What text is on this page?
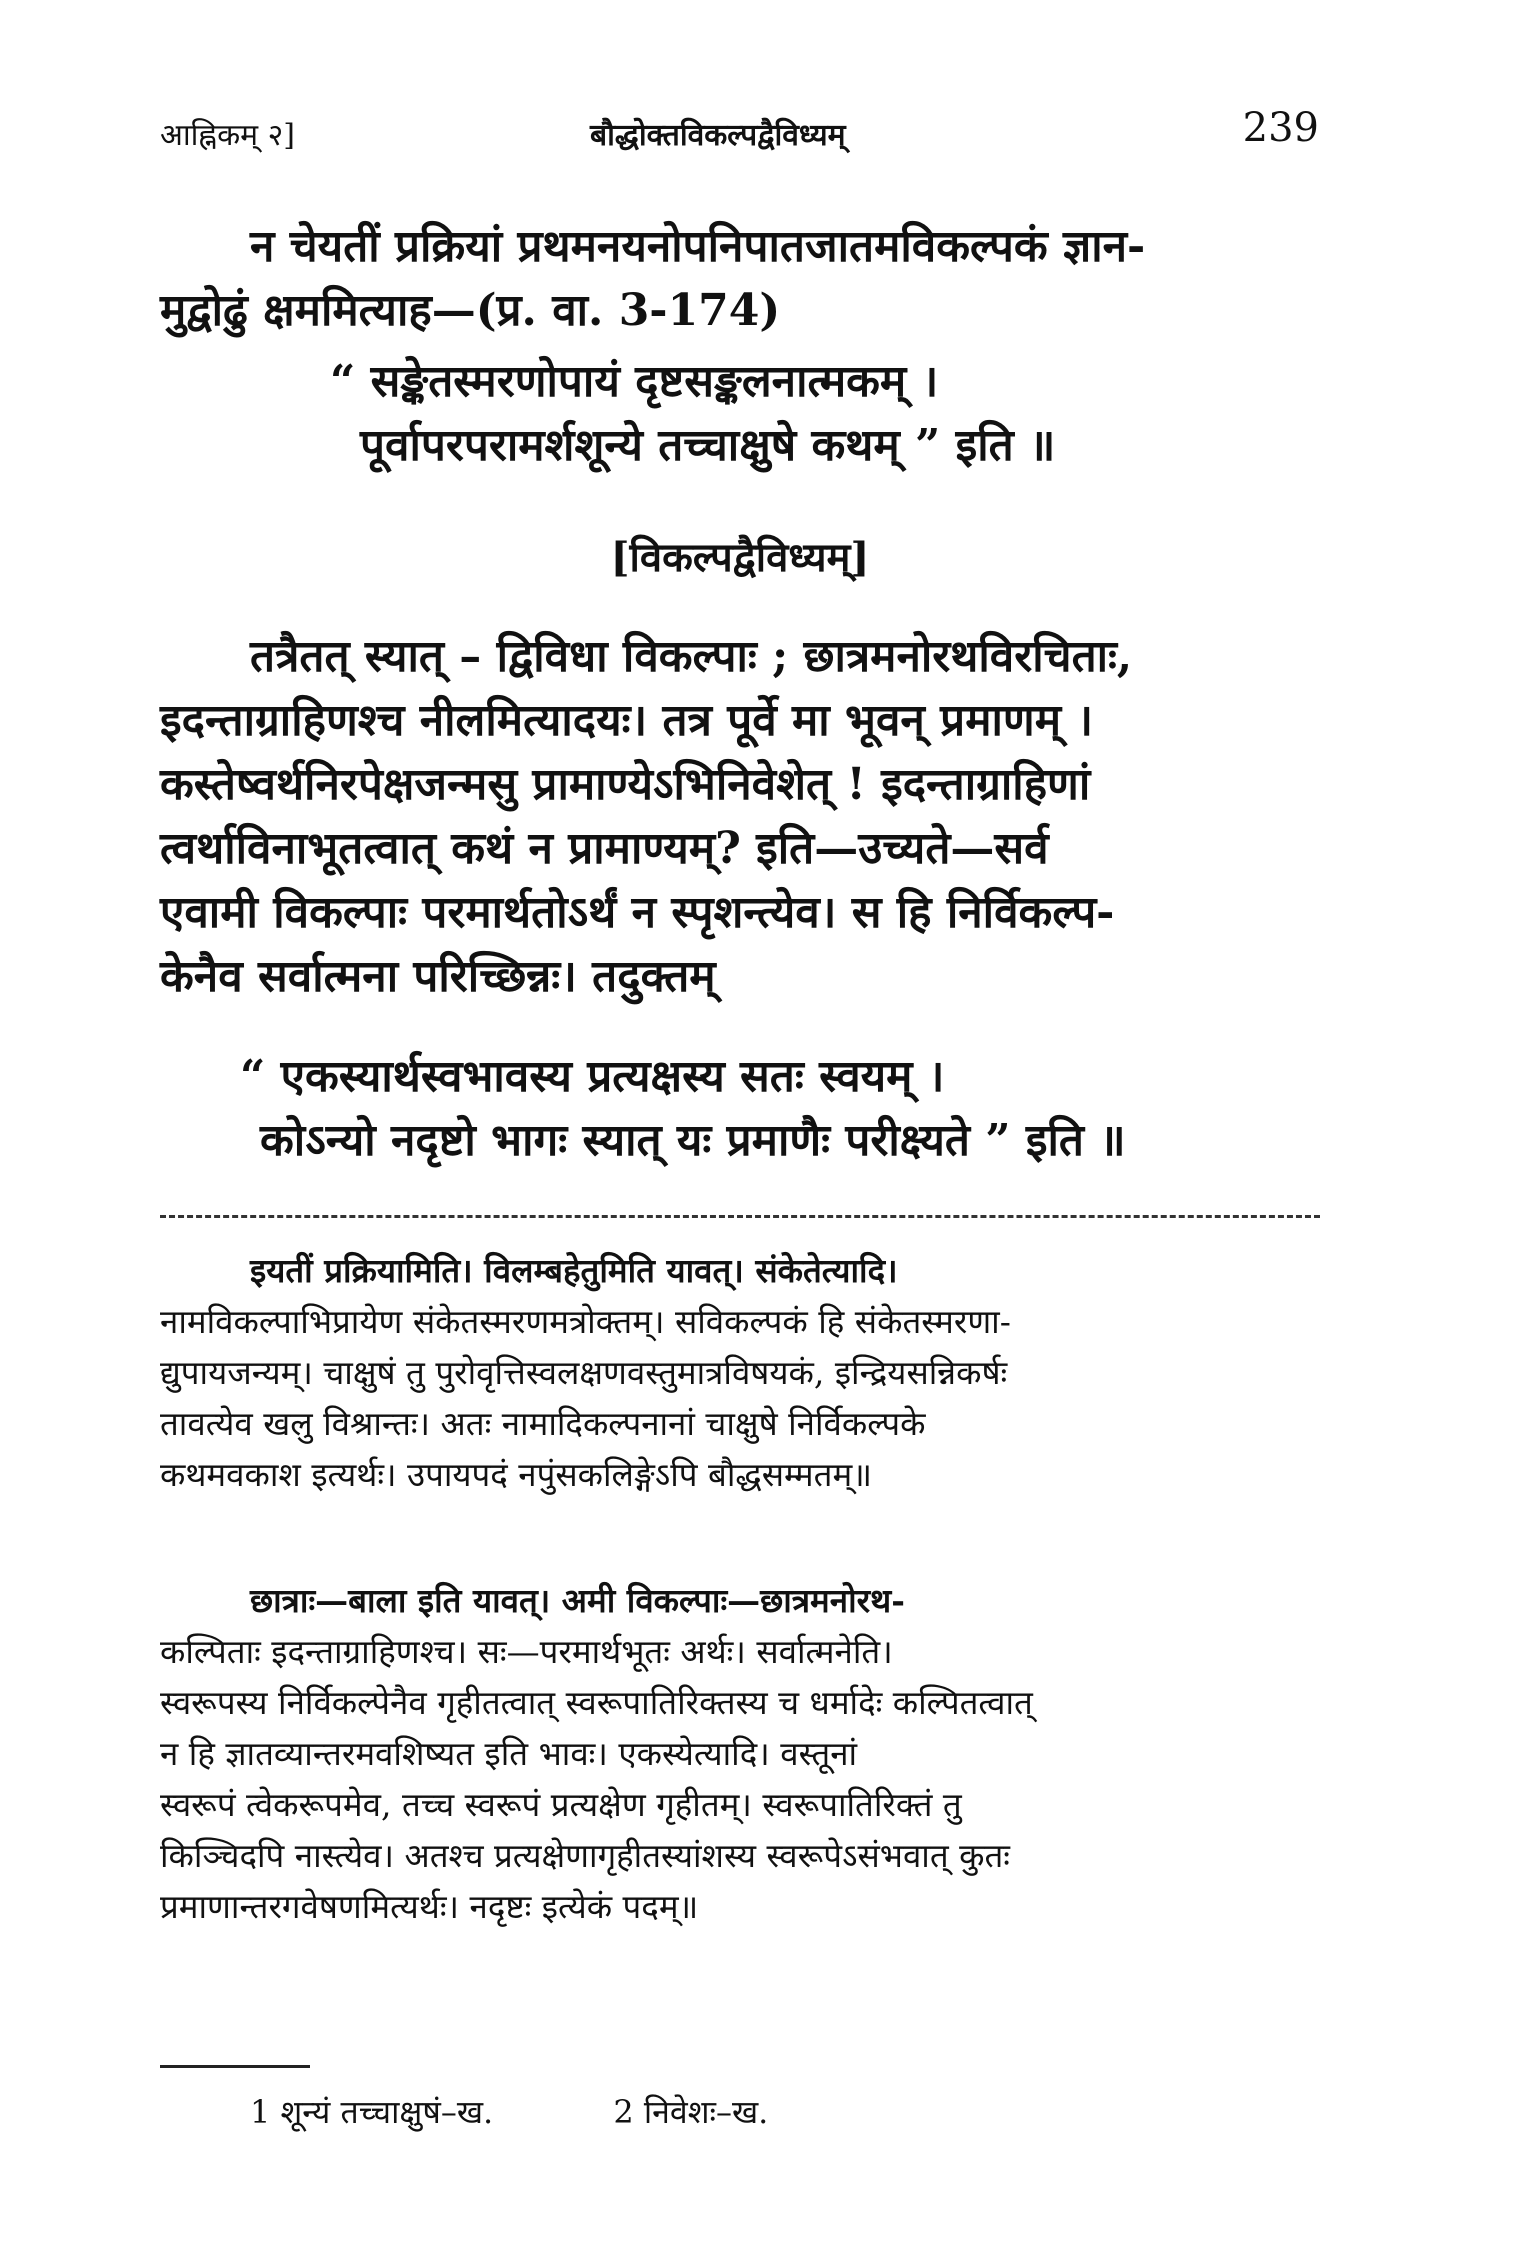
आह्निकम् २]	बौद्धोक्तविकल्पद्वैविध्यम्	239
न चेयतीं प्रक्रियां प्रथमनयनोपनिपातजातमविकल्पकं ज्ञान-
मुद्वोढुं क्षममित्याह—(प्र. वा. 3-174)
“ सङ्केतस्मरणोपायं दृष्टसङ्कलनात्मकम् ।
पूर्वापरपरामर्शशून्ये तच्चाक्षुषे कथम् ” इति ॥
[विकल्पद्वैविध्यम्]
तत्रैतत् स्यात् – द्विविधा विकल्पाः ; छात्रमनोरथविरचिताः,
इदन्ताग्राहिणश्च नीलमित्यादयः। तत्र पूर्वे मा भूवन् प्रमाणम् ।
कस्तेष्वर्थनिरपेक्षजन्मसु प्रामाण्येऽभिनिवेशेत् ! इदन्ताग्राहिणां
त्वर्थाविनाभूतत्वात् कथं न प्रामाण्यम्? इति—उच्यते—सर्व
एवामी विकल्पाः परमार्थतोऽर्थं न स्पृशन्त्येव। स हि निर्विकल्प-
केनैव सर्वात्मना परिच्छिन्नः। तदुक्तम्
“ एकस्यार्थस्वभावस्य प्रत्यक्षस्य सतः स्वयम् ।
कोऽन्यो नदृष्टो भागः स्यात् यः प्रमाणैः परीक्ष्यते ” इति ॥
इयतीं प्रक्रियामिति। विलम्बहेतुमिति यावत्। संकेतेत्यादि।
नामविकल्पाभिप्रायेण संकेतस्मरणमत्रोक्तम्। सविकल्पकं हि संकेतस्मरणा-
द्युपायजन्यम्। चाक्षुषं तु पुरोवृत्तिस्वलक्षणवस्तुमात्रविषयकं, इन्द्रियसन्निकर्षः
तावत्येव खलु विश्रान्तः। अतः नामादिकल्पनानां चाक्षुषे निर्विकल्पके
कथमवकाश इत्यर्थः। उपायपदं नपुंसकलिङ्गेऽपि बौद्धसम्मतम्॥
छात्राः—बाला इति यावत्। अमी विकल्पाः—छात्रमनोरथ-
कल्पिताः इदन्ताग्राहिणश्च। सः—परमार्थभूतः अर्थः। सर्वात्मनेति।
स्वरूपस्य निर्विकल्पेनैव गृहीतत्वात् स्वरूपातिरिक्तस्य च धर्मादेः कल्पितत्वात्
न हि ज्ञातव्यान्तरमवशिष्यत इति भावः। एकस्येत्यादि। वस्तूनां
स्वरूपं त्वेकरूपमेव, तच्च स्वरूपं प्रत्यक्षेण गृहीतम्। स्वरूपातिरिक्तं तु
किञ्चिदपि नास्त्येव। अतश्च प्रत्यक्षेणागृहीतस्यांशस्य स्वरूपेऽसंभवात् कुतः
प्रमाणान्तरगवेषणमित्यर्थः। नदृष्टः इत्येकं पदम्॥
1 शून्यं तच्चाक्षुषं–ख.	2 निवेशः–ख.
